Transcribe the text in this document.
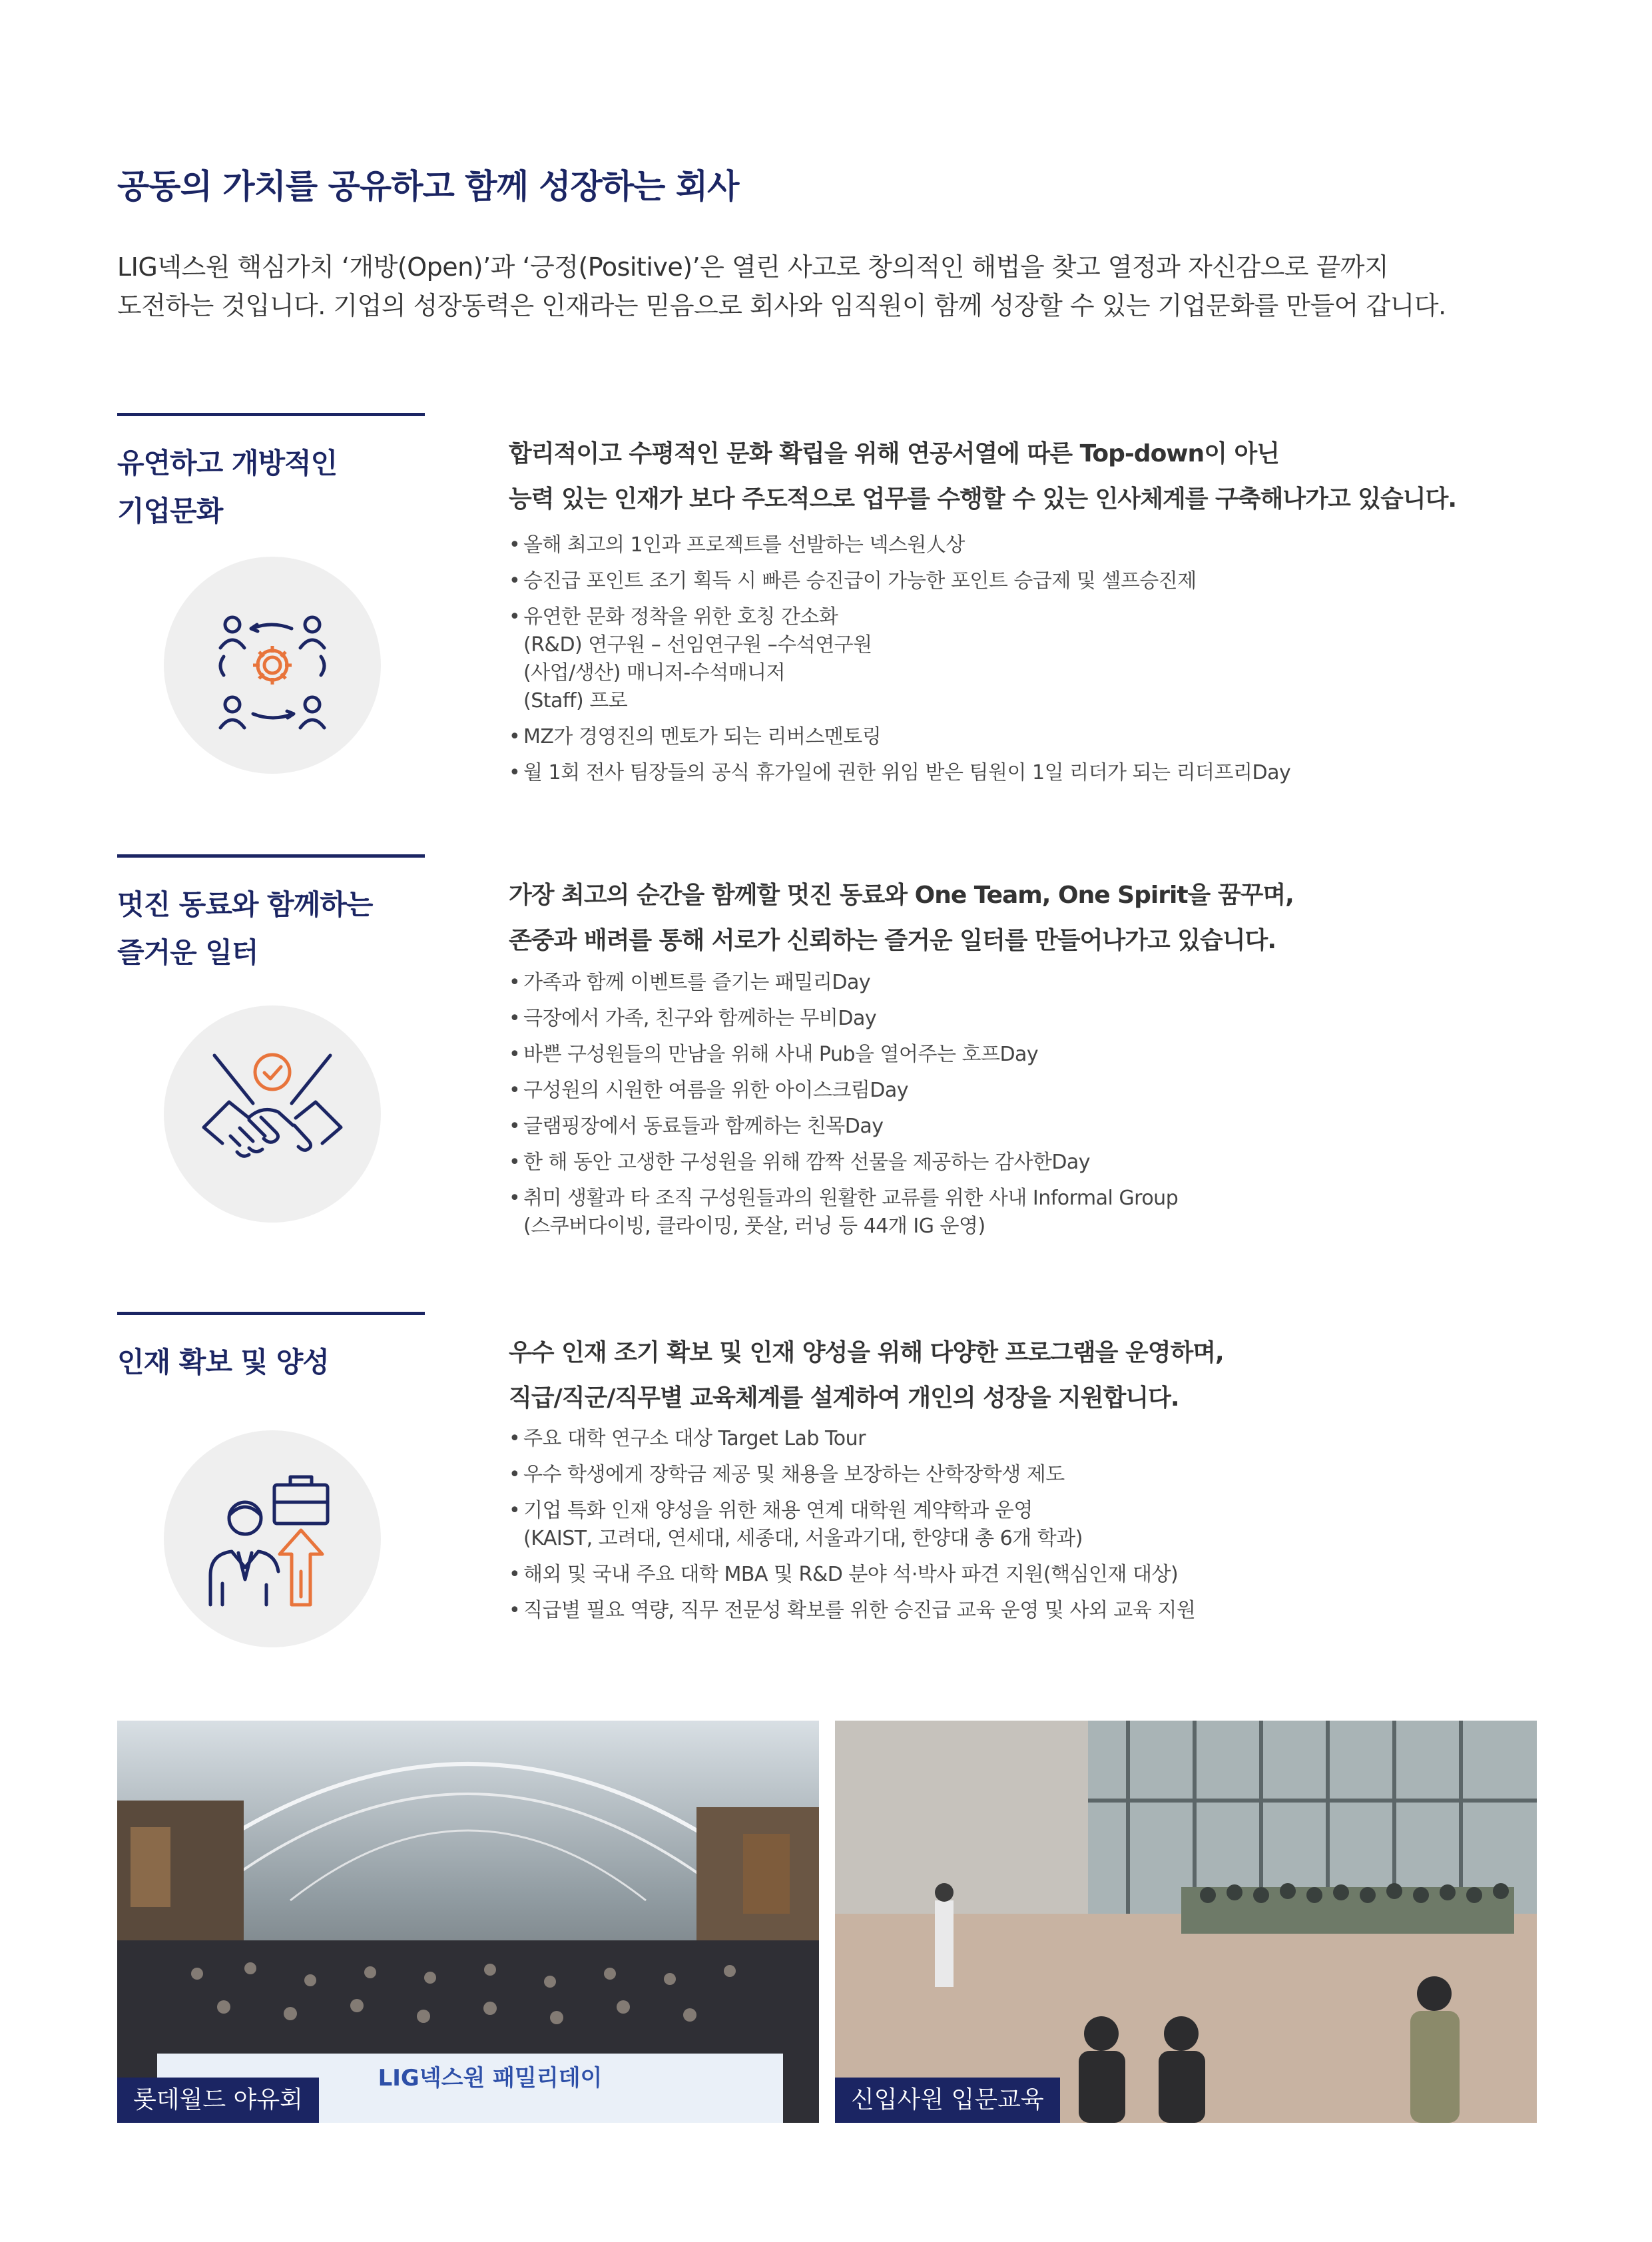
공동의 가치를 공유하고 함께 성장하는 회사

LIG넥스원 핵심가치 ‘개방(Open)’과 ‘긍정(Positive)’은 열린 사고로 창의적인 해법을 찾고 열정과 자신감으로 끝까지

도전하는 것입니다. 기업의 성장동력은 인재라는 믿음으로 회사와 임직원이 함께 성장할 수 있는 기업문화를 만들어 갑니다.

유연하고 개방적인
기업문화
합리적이고 수평적인 문화 확립을 위해 연공서열에 따른 Top-down이 아닌
능력 있는 인재가 보다 주도적으로 업무를 수행할 수 있는 인사체계를 구축해나가고 있습니다.
• 올해 최고의 1인과 프로젝트를 선발하는 넥스원人상
• 승진급 포인트 조기 획득 시 빠른 승진급이 가능한 포인트 승급제 및 셀프승진제
• 유연한 문화 정착을 위한 호칭 간소화
(R&D) 연구원 – 선임연구원 –수석연구원
(사업/생산) 매니저-수석매니저
(Staff) 프로
• MZ가 경영진의 멘토가 되는 리버스멘토링
• 월 1회 전사 팀장들의 공식 휴가일에 권한 위임 받은 팀원이 1일 리더가 되는 리더프리Day
멋진 동료와 함께하는
즐거운 일터
가장 최고의 순간을 함께할 멋진 동료와 One Team, One Spirit을 꿈꾸며,
존중과 배려를 통해 서로가 신뢰하는 즐거운 일터를 만들어나가고 있습니다.
• 가족과 함께 이벤트를 즐기는 패밀리Day
• 극장에서 가족, 친구와 함께하는 무비Day
• 바쁜 구성원들의 만남을 위해 사내 Pub을 열어주는 호프Day
• 구성원의 시원한 여름을 위한 아이스크림Day
• 글램핑장에서 동료들과 함께하는 친목Day
• 한 해 동안 고생한 구성원을 위해 깜짝 선물을 제공하는 감사한Day
• 취미 생활과 타 조직 구성원들과의 원활한 교류를 위한 사내 Informal Group
(스쿠버다이빙, 클라이밍, 풋살, 러닝 등 44개 IG 운영)
인재 확보 및 양성	우수 인재 조기 확보 및 인재 양성을 위해 다양한 프로그램을 운영하며,
직급/직군/직무별 교육체계를 설계하여 개인의 성장을 지원합니다.
• 주요 대학 연구소 대상 Target Lab Tour
• 우수 학생에게 장학금 제공 및 채용을 보장하는 산학장학생 제도
• 기업 특화 인재 양성을 위한 채용 연계 대학원 계약학과 운영
(KAIST, 고려대, 연세대, 세종대, 서울과기대, 한양대 총 6개 학과)
• 해외 및 국내 주요 대학 MBA 및 R&D 분야 석·박사 파견 지원(핵심인재 대상)
• 직급별 필요 역량, 직무 전문성 확보를 위한 승진급 교육 운영 및 사외 교육 지원
LIG넥스원 패밀리데이
롯데월드 야유회	신입사원 입문교육
